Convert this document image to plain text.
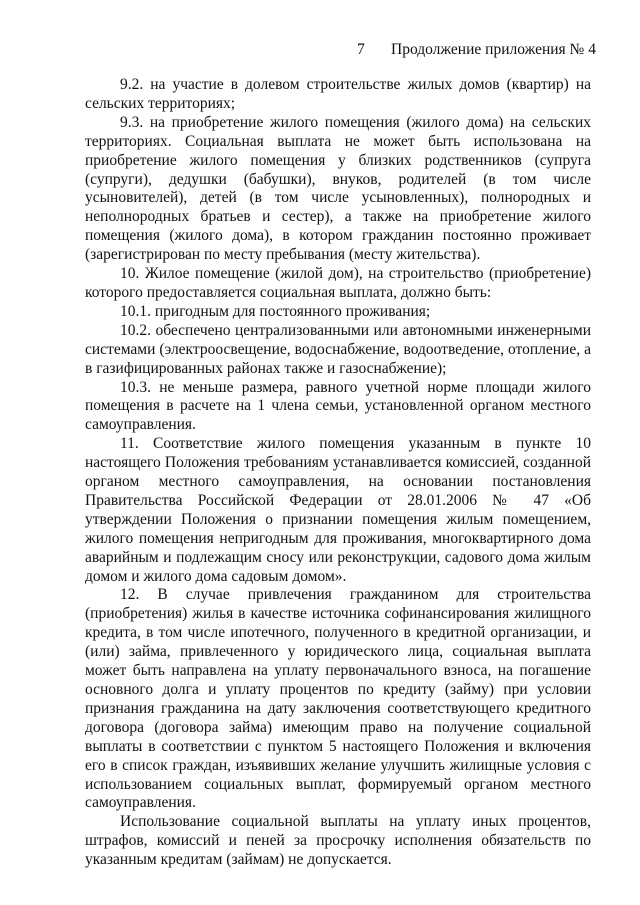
7 Продолжение приложения № 4

9.2. на участие в долевом строительстве жилых домов (квартир) на сельских территориях;

9.3. на приобретение жилого помещения (жилого дома) на сельских территориях. Социальная выплата не может быть использована на приобретение жилого помещения у близких родственников (супруга (супруги), дедушки (бабушки), внуков, родителей (в том числе усыновителей), детей (в том числе усыновленных), полнородных и неполнородных братьев и сестер), а также на приобретение жилого помещения (жилого дома), в котором гражданин постоянно проживает (зарегистрирован по месту пребывания (месту жительства).

10. Жилое помещение (жилой дом), на строительство (приобретение) которого предоставляется социальная выплата, должно быть:

10.1. пригодным для постоянного проживания;

10.2. обеспечено централизованными или автономными инженерными системами (электроосвещение, водоснабжение, водоотведение, отопление, а в газифицированных районах также и газоснабжение);

10.3. не меньше размера, равного учетной норме площади жилого помещения в расчете на 1 члена семьи, установленной органом местного самоуправления.

11. Соответствие жилого помещения указанным в пункте 10 настоящего Положения требованиям устанавливается комиссией, созданной органом местного самоуправления, на основании постановления Правительства Российской Федерации от 28.01.2006 № 47 «Об утверждении Положения о признании помещения жилым помещением, жилого помещения непригодным для проживания, многоквартирного дома аварийным и подлежащим сносу или реконструкции, садового дома жилым домом и жилого дома садовым домом».

12. В случае привлечения гражданином для строительства (приобретения) жилья в качестве источника софинансирования жилищного кредита, в том числе ипотечного, полученного в кредитной организации, и (или) займа, привлеченного у юридического лица, социальная выплата может быть направлена на уплату первоначального взноса, на погашение основного долга и уплату процентов по кредиту (займу) при условии признания гражданина на дату заключения соответствующего кредитного договора (договора займа) имеющим право на получение социальной выплаты в соответствии с пунктом 5 настоящего Положения и включения его в список граждан, изъявивших желание улучшить жилищные условия с использованием социальных выплат, формируемый органом местного самоуправления.

Использование социальной выплаты на уплату иных процентов, штрафов, комиссий и пеней за просрочку исполнения обязательств по указанным кредитам (займам) не допускается.
